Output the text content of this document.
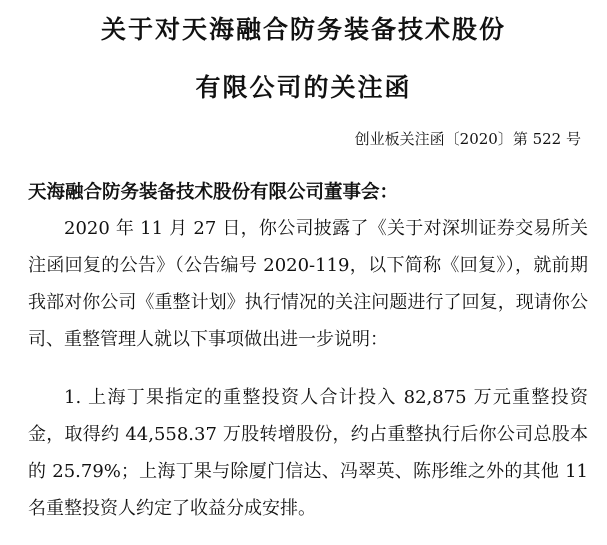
关于对天海融合防务装备技术股份
有限公司的关注函
创业板关注函〔2020〕第 522 号
天海融合防务装备技术股份有限公司董事会：

2020 年 11 月 27 日，你公司披露了《关于对深圳证券交易所关注函回复的公告》（公告编号 2020-119，以下简称《回复》），就前期我部对你公司《重整计划》执行情况的关注问题进行了回复，现请你公司、重整管理人就以下事项做出进一步说明：

1. 上海丁果指定的重整投资人合计投入 82,875 万元重整投资金，取得约 44,558.37 万股转增股份，约占重整执行后你公司总股本的 25.79%；上海丁果与除厦门信达、冯翠英、陈彤维之外的其他 11 名重整投资人约定了收益分成安排。
